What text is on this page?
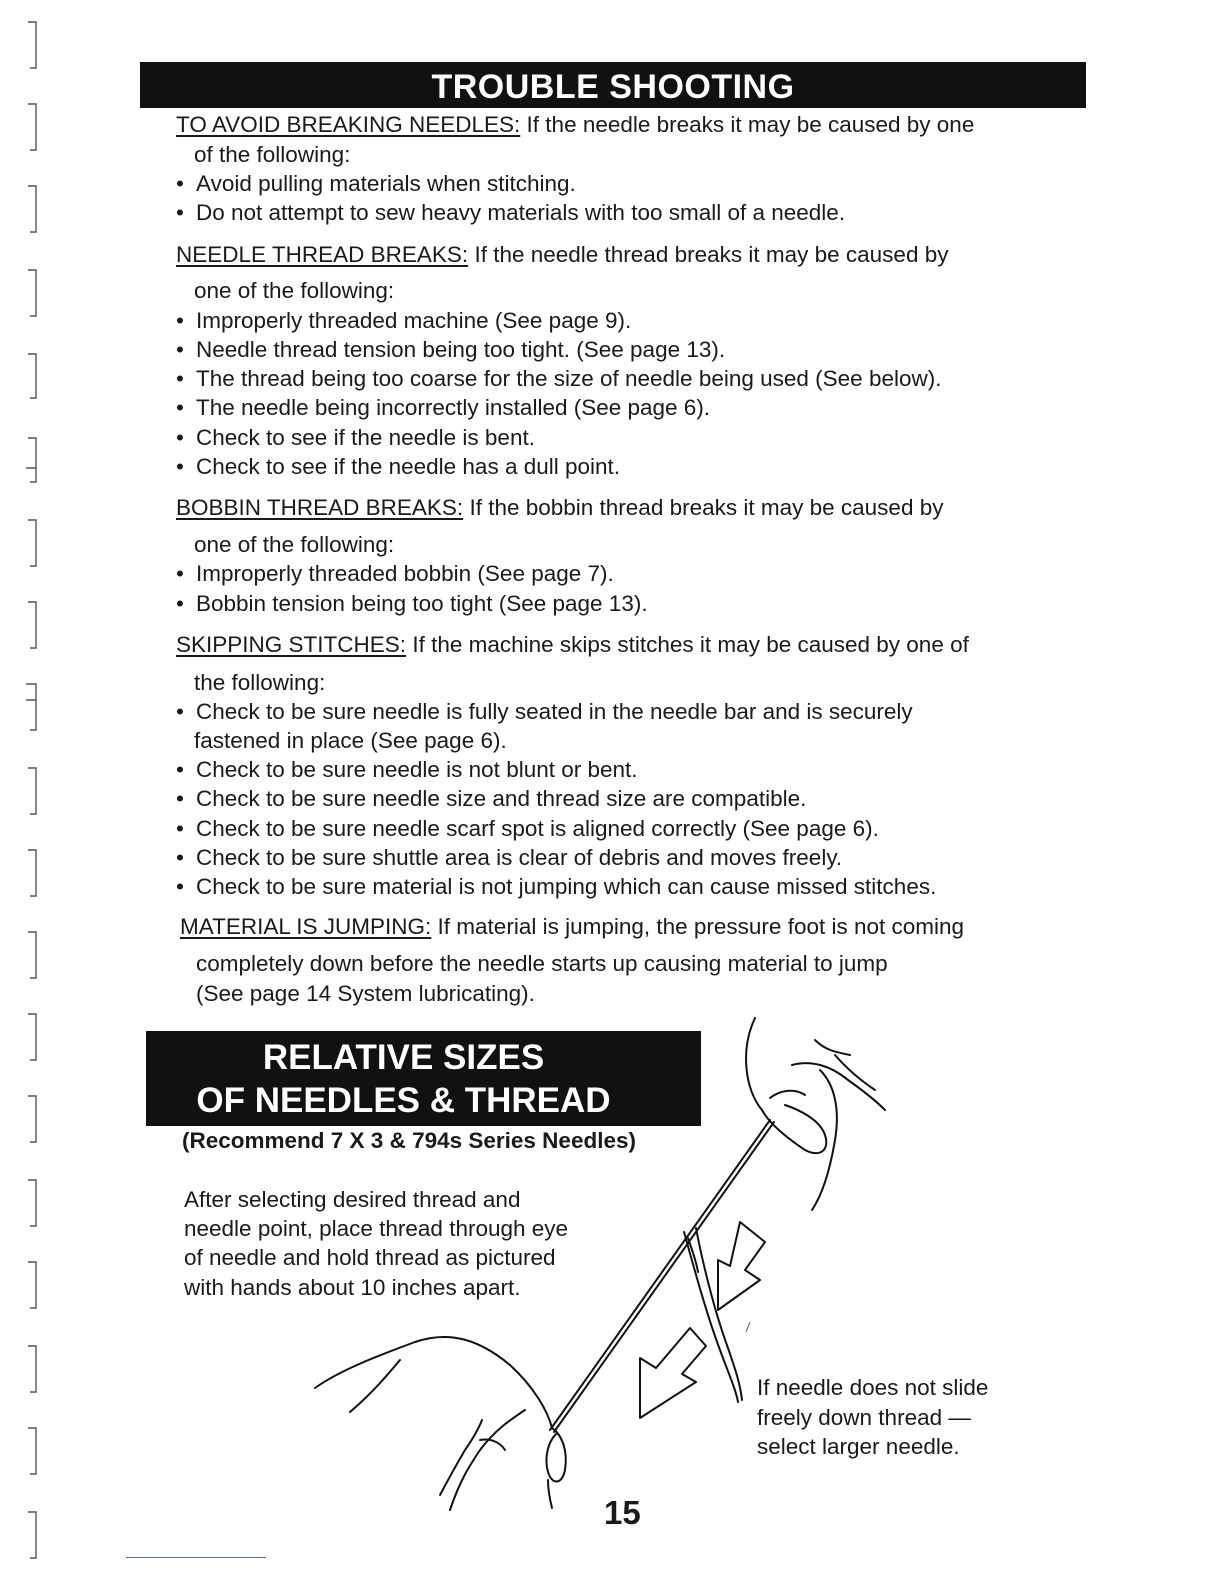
TROUBLE SHOOTING
TO AVOID BREAKING NEEDLES: If the needle breaks it may be caused by one
of the following:
• Avoid pulling materials when stitching.
• Do not attempt to sew heavy materials with too small of a needle.
NEEDLE THREAD BREAKS: If the needle thread breaks it may be caused by
one of the following:
• Improperly threaded machine (See page 9).
• Needle thread tension being too tight. (See page 13).
• The thread being too coarse for the size of needle being used (See below).
• The needle being incorrectly installed (See page 6).
• Check to see if the needle is bent.
• Check to see if the needle has a dull point.
BOBBIN THREAD BREAKS: If the bobbin thread breaks it may be caused by
one of the following:
• Improperly threaded bobbin (See page 7).
• Bobbin tension being too tight (See page 13).
SKIPPING STITCHES: If the machine skips stitches it may be caused by one of
the following:
• Check to be sure needle is fully seated in the needle bar and is securely
fastened in place (See page 6).
• Check to be sure needle is not blunt or bent.
• Check to be sure needle size and thread size are compatible.
• Check to be sure needle scarf spot is aligned correctly (See page 6).
• Check to be sure shuttle area is clear of debris and moves freely.
• Check to be sure material is not jumping which can cause missed stitches.
MATERIAL IS JUMPING: If material is jumping, the pressure foot is not coming
completely down before the needle starts up causing material to jump
(See page 14 System lubricating).
RELATIVE SIZES
OF NEEDLES & THREAD
(Recommend 7 X 3 & 794s Series Needles)
After selecting desired thread and
needle point, place thread through eye
of needle and hold thread as pictured
with hands about 10 inches apart.
If needle does not slide
freely down thread —
select larger needle.
15
